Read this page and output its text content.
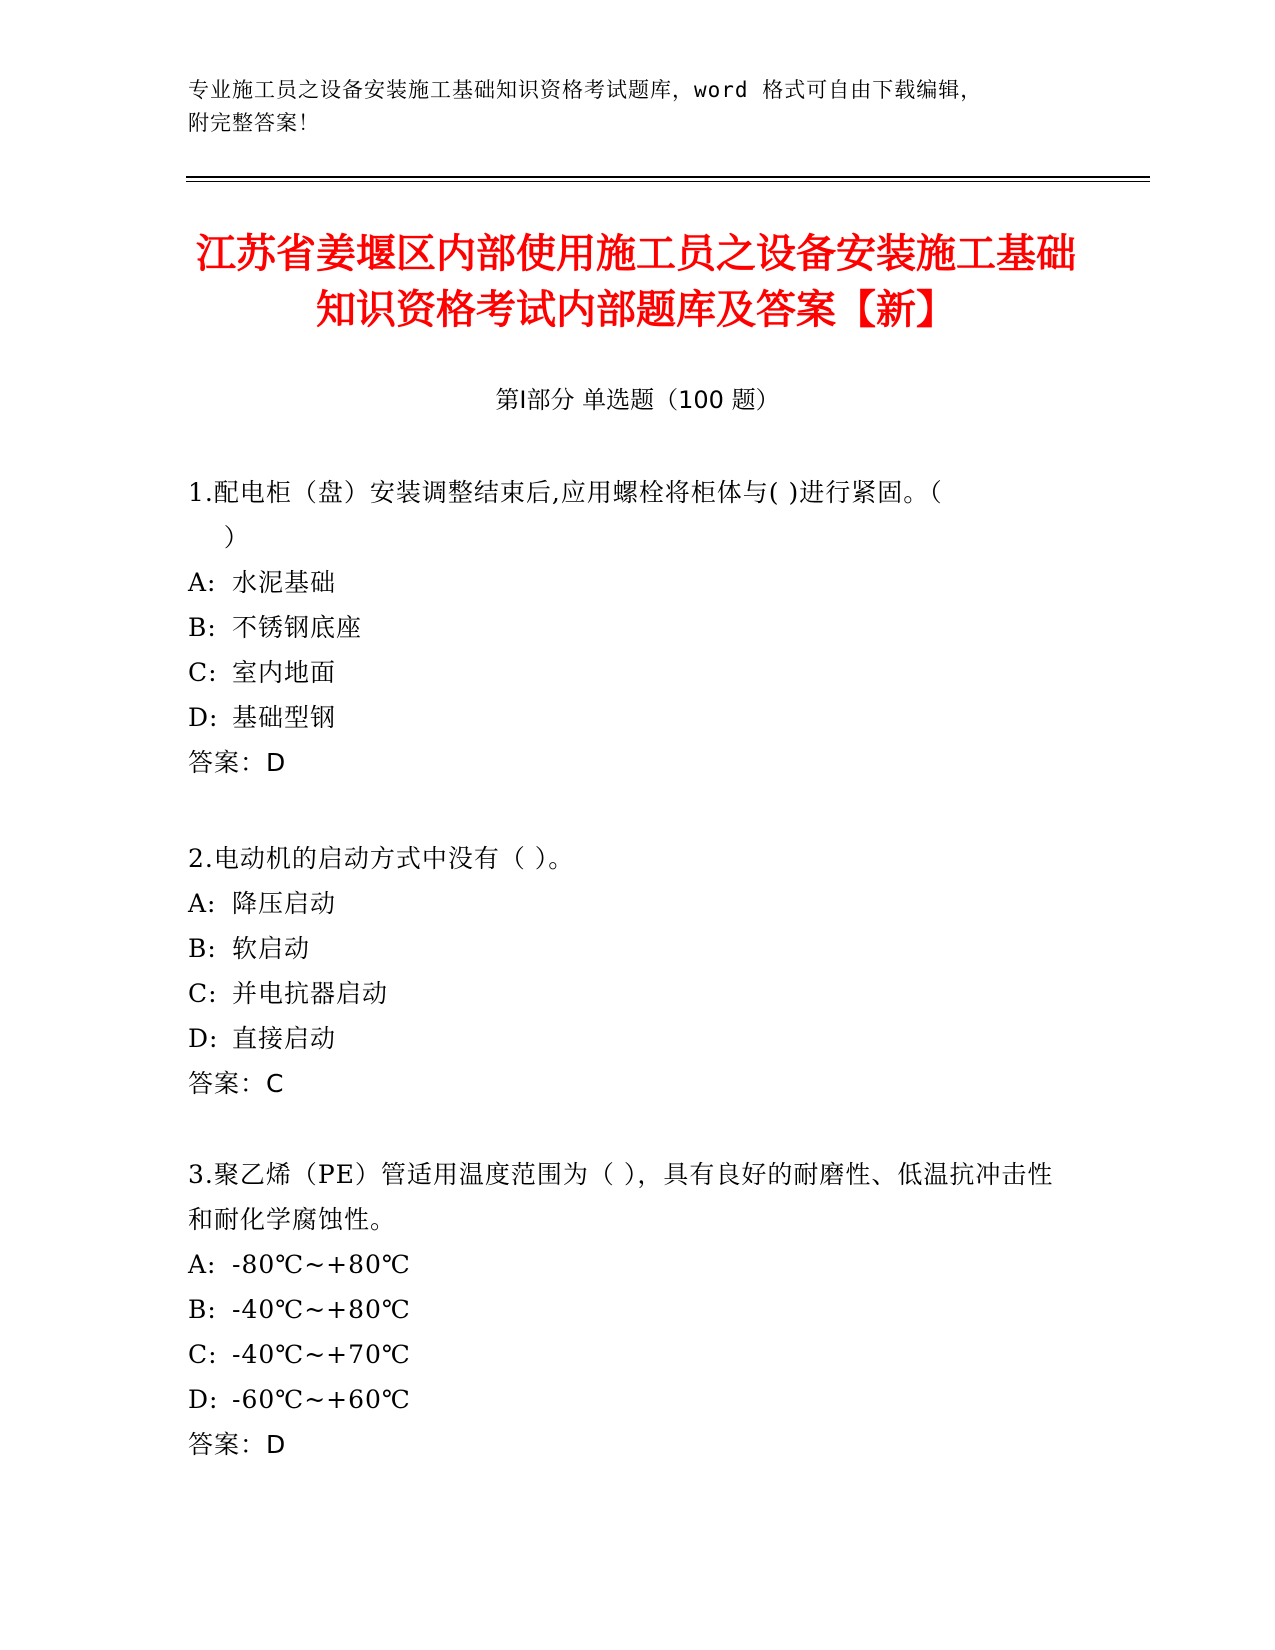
专业施工员之设备安装施工基础知识资格考试题库，word 格式可自由下载编辑，
附完整答案！
江苏省姜堰区内部使用施工员之设备安装施工基础知识资格考试内部题库及答案【新】
第Ⅰ部分 单选题（100 题）

1.配电柜（盘）安装调整结束后,应用螺栓将柜体与( )进行紧固。（
）

A: 水泥基础

B: 不锈钢底座

C: 室内地面

D: 基础型钢

答案：D

2.电动机的启动方式中没有（ ）。

A: 降压启动

B: 软启动

C: 并电抗器启动

D: 直接启动

答案：C

3.聚乙烯（PE）管适用温度范围为（ ），具有良好的耐磨性、低温抗冲击性和耐化学腐蚀性。

A: -80℃~+80℃

B: -40℃~+80℃

C: -40℃~+70℃

D: -60℃~+60℃

答案：D
